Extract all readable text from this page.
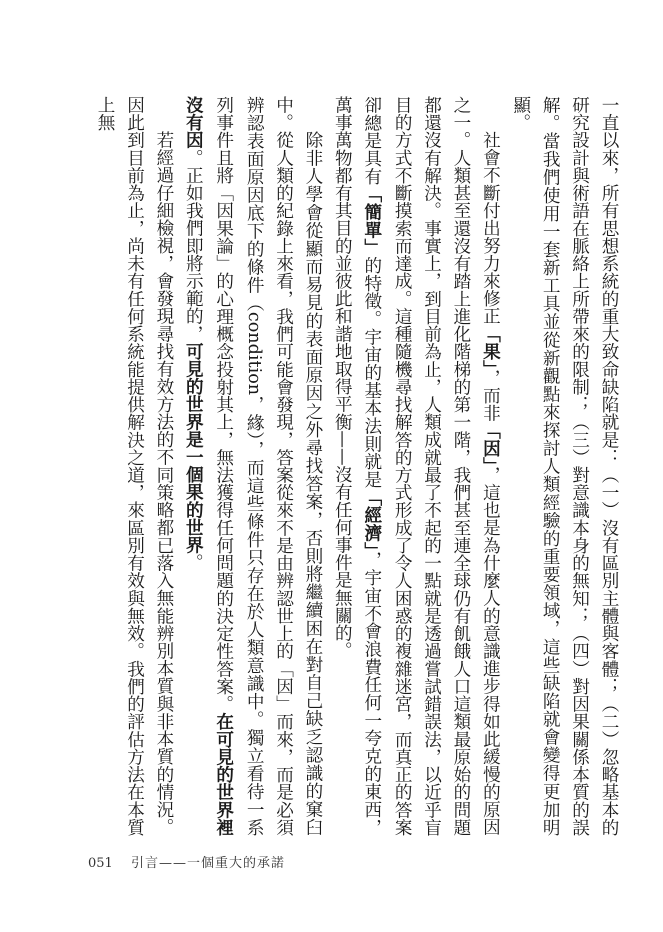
一直以來，所有思想系統的重大致命缺陷就是：（一）沒有區別主體與客體；（二）忽略基本的研究設計與術語在脈絡上所帶來的限制；（三）對意識本身的無知；（四）對因果關係本質的誤解。當我們使用一套新工具並從新觀點來探討人類經驗的重要領域，這些缺陷就會變得更加明顯。

社會不斷付出努力來修正「果」，而非「因」，這也是為什麼人的意識進步得如此緩慢的原因之一。人類甚至還沒有踏上進化階梯的第一階，我們甚至連全球仍有飢餓人口這類最原始的問題都還沒有解決。事實上，到目前為止，人類成就最了不起的一點就是透過嘗試錯誤法，以近乎盲目的方式不斷摸索而達成。這種隨機尋找解答的方式形成了令人困惑的複雜迷宮，而真正的答案卻總是具有「簡單」的特徵。宇宙的基本法則就是「經濟」，宇宙不會浪費任何一夸克的東西，萬事萬物都有其目的並彼此和諧地取得平衡——沒有任何事件是無關的。

除非人學會從顯而易見的表面原因之外尋找答案，否則將繼續困在對自己缺乏認識的窠臼中。從人類的紀錄上來看，我們可能會發現，答案從來不是由辨認世上的「因」而來，而是必須辨認表面原因底下的條件（condition，緣），而這些條件只存在於人類意識中。獨立看待一系列事件且將「因果論」的心理概念投射其上，無法獲得任何問題的決定性答案。在可見的世界裡沒有因。正如我們即將示範的，可見的世界是一個果的世界。

若經過仔細檢視，會發現尋找有效方法的不同策略都已落入無能辨別本質與非本質的情況。因此到目前為止，尚未有任何系統能提供解決之道，來區別有效與無效。我們的評估方法在本質上無

051 引言——一個重大的承諾
